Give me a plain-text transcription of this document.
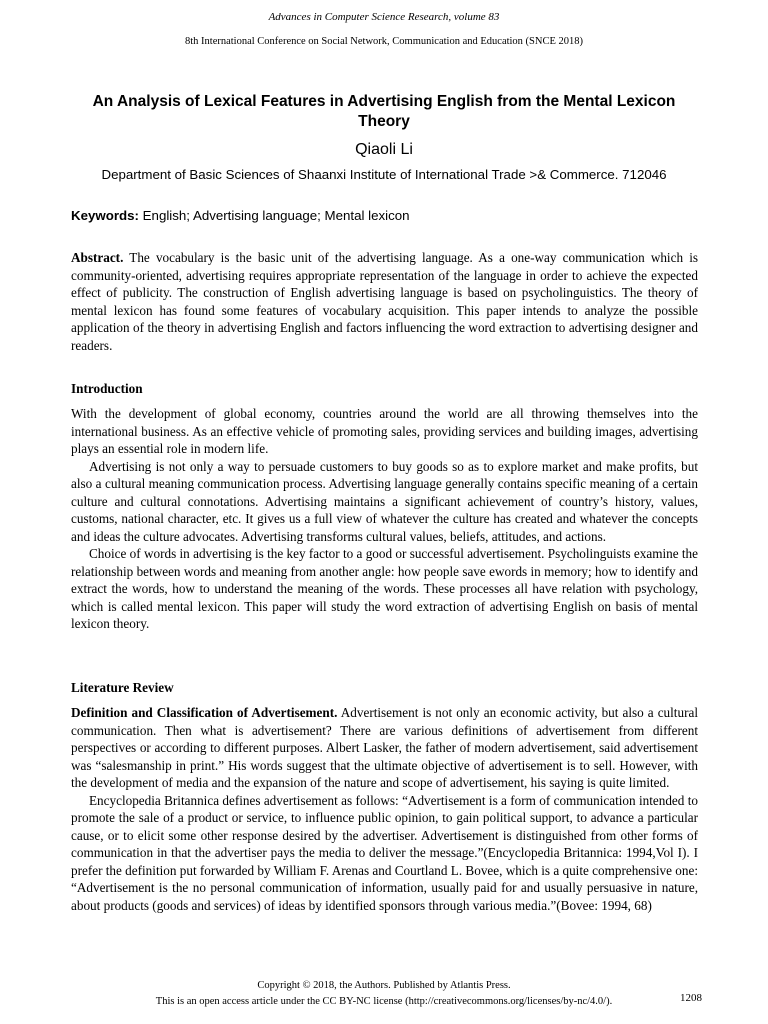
Advances in Computer Science Research, volume 83
8th International Conference on Social Network, Communication and Education (SNCE 2018)
An Analysis of Lexical Features in Advertising English from the Mental Lexicon Theory
Qiaoli Li
Department of Basic Sciences of Shaanxi Institute of International Trade >& Commerce. 712046
Keywords: English; Advertising language; Mental lexicon

Abstract. The vocabulary is the basic unit of the advertising language. As a one-way communication which is community-oriented, advertising requires appropriate representation of the language in order to achieve the expected effect of publicity. The construction of English advertising language is based on psycholinguistics. The theory of mental lexicon has found some features of vocabulary acquisition. This paper intends to analyze the possible application of the theory in advertising English and factors influencing the word extraction to advertising designer and readers.

Introduction

With the development of global economy, countries around the world are all throwing themselves into the international business. As an effective vehicle of promoting sales, providing services and building images, advertising plays an essential role in modern life.

Advertising is not only a way to persuade customers to buy goods so as to explore market and make profits, but also a cultural meaning communication process. Advertising language generally contains specific meaning of a certain culture and cultural connotations. Advertising maintains a significant achievement of country’s history, values, customs, national character, etc. It gives us a full view of whatever the culture has created and whatever the concepts and ideas the culture advocates. Advertising transforms cultural values, beliefs, attitudes, and actions.

Choice of words in advertising is the key factor to a good or successful advertisement. Psycholinguists examine the relationship between words and meaning from another angle: how people save ewords in memory; how to identify and extract the words, how to understand the meaning of the words. These processes all have relation with psychology, which is called mental lexicon. This paper will study the word extraction of advertising English on basis of mental lexicon theory.

Literature Review

Definition and Classification of Advertisement. Advertisement is not only an economic activity, but also a cultural communication. Then what is advertisement? There are various definitions of advertisement from different perspectives or according to different purposes. Albert Lasker, the father of modern advertisement, said advertisement was “salesmanship in print.” His words suggest that the ultimate objective of advertisement is to sell. However, with the development of media and the expansion of the nature and scope of advertisement, his saying is quite limited.

Encyclopedia Britannica defines advertisement as follows: “Advertisement is a form of communication intended to promote the sale of a product or service, to influence public opinion, to gain political support, to advance a particular cause, or to elicit some other response desired by the advertiser. Advertisement is distinguished from other forms of communication in that the advertiser pays the media to deliver the message.”(Encyclopedia Britannica: 1994,Vol I). I prefer the definition put forwarded by William F. Arenas and Courtland L. Bovee, which is a quite comprehensive one: “Advertisement is the no personal communication of information, usually paid for and usually persuasive in nature, about products (goods and services) of ideas by identified sponsors through various media.”(Bovee: 1994, 68)

Copyright © 2018, the Authors. Published by Atlantis Press.
This is an open access article under the CC BY-NC license (http://creativecommons.org/licenses/by-nc/4.0/).	1208
